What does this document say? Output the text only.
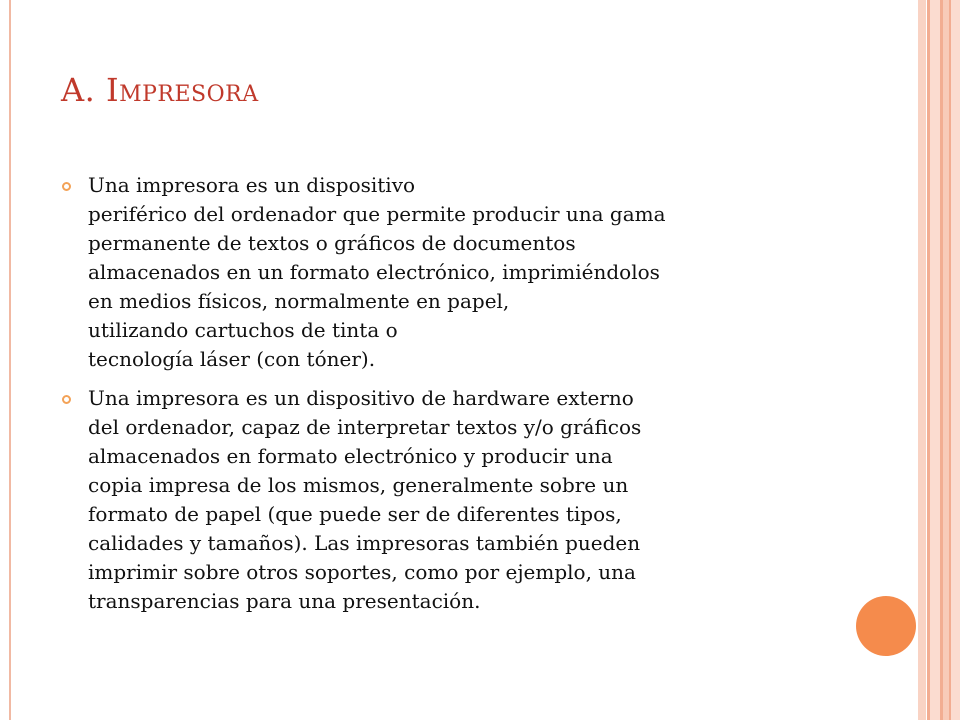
A. Impresora
Una impresora es un dispositivo
periférico del ordenador que permite producir una gama
permanente de textos o gráficos de documentos
almacenados en un formato electrónico, imprimiéndolos
en medios físicos, normalmente en papel,
utilizando cartuchos de tinta o
tecnología láser (con tóner).
Una impresora es un dispositivo de hardware externo
del ordenador, capaz de interpretar textos y/o gráficos
almacenados en formato electrónico y producir una
copia impresa de los mismos, generalmente sobre un
formato de papel (que puede ser de diferentes tipos,
calidades y tamaños). Las impresoras también pueden
imprimir sobre otros soportes, como por ejemplo, una
transparencias para una presentación.
